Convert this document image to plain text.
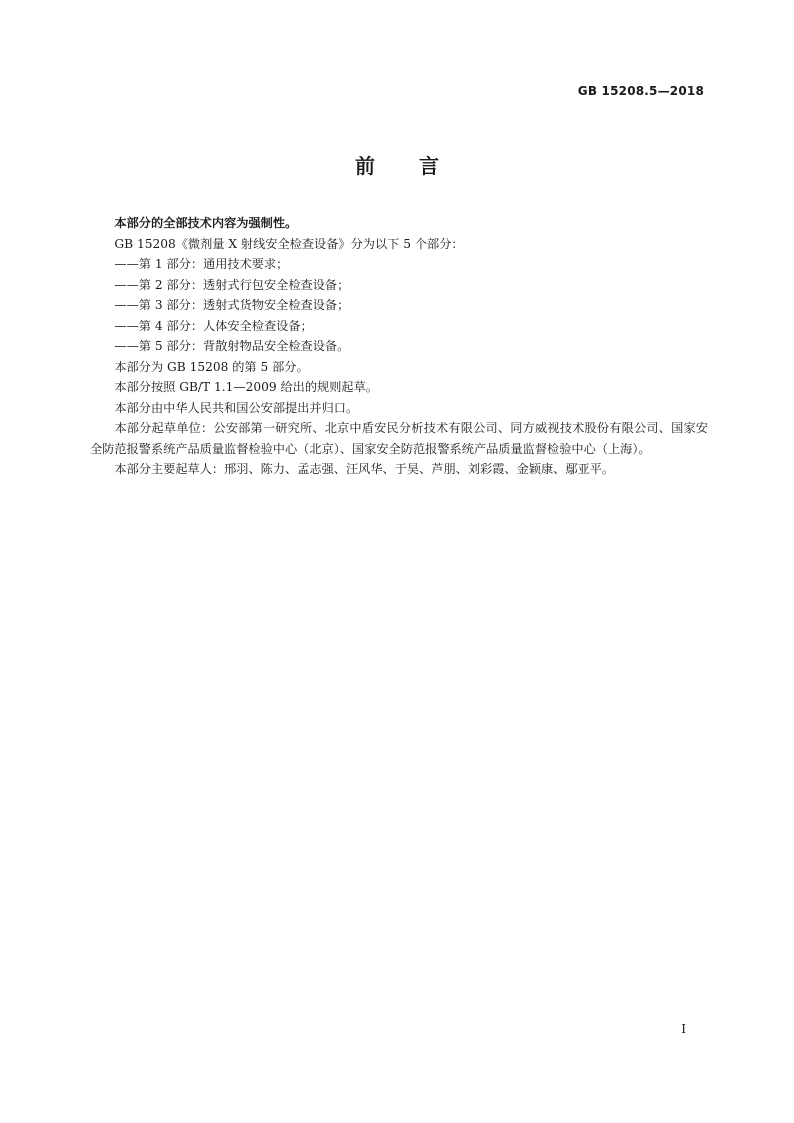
GB 15208.5—2018
前言

本部分的全部技术内容为强制性。

GB 15208《微剂量 X 射线安全检查设备》分为以下 5 个部分：

——第 1 部分：通用技术要求；

——第 2 部分：透射式行包安全检查设备；

——第 3 部分：透射式货物安全检查设备；

——第 4 部分：人体安全检查设备；

——第 5 部分：背散射物品安全检查设备。

本部分为 GB 15208 的第 5 部分。

本部分按照 GB/T 1.1—2009 给出的规则起草。

本部分由中华人民共和国公安部提出并归口。

本部分起草单位：公安部第一研究所、北京中盾安民分析技术有限公司、同方威视技术股份有限公司、国家安全防范报警系统产品质量监督检验中心（北京）、国家安全防范报警系统产品质量监督检验中心（上海）。

本部分主要起草人：邢羽、陈力、孟志强、汪风华、于昊、芦朋、刘彩霞、金颖康、鄢亚平。

I
